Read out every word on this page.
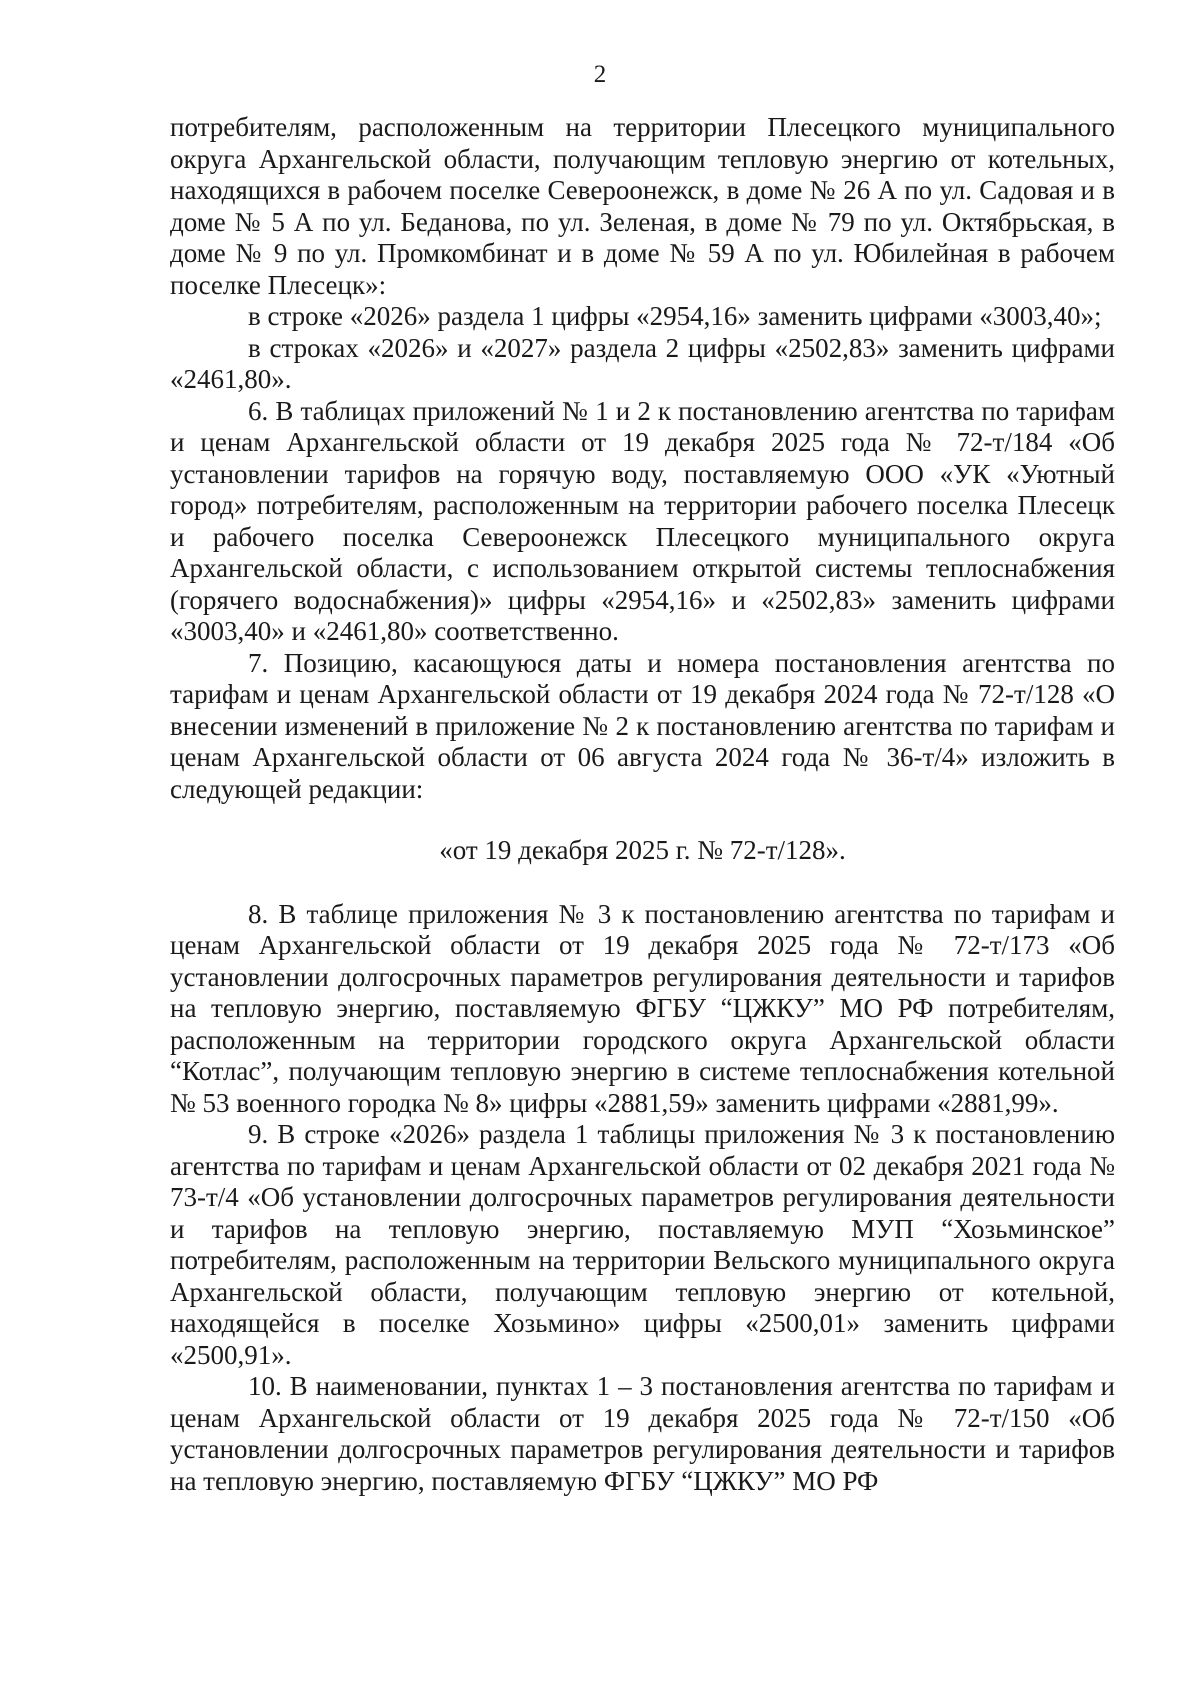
2

потребителям, расположенным на территории Плесецкого муниципального округа Архангельской области, получающим тепловую энергию от котельных, находящихся в рабочем поселке Североонежск, в доме № 26 А по ул. Садовая и в доме № 5 А по ул. Беданова, по ул. Зеленая, в доме № 79 по ул. Октябрьская, в доме № 9 по ул. Промкомбинат и в доме № 59 А по ул. Юбилейная в рабочем поселке Плесецк»:

в строке «2026» раздела 1 цифры «2954,16» заменить цифрами «3003,40»;

в строках «2026» и «2027» раздела 2 цифры «2502,83» заменить цифрами «2461,80».

6. В таблицах приложений № 1 и 2 к постановлению агентства по тарифам и ценам Архангельской области от 19 декабря 2025 года № 72-т/184 «Об установлении тарифов на горячую воду, поставляемую ООО «УК «Уютный город» потребителям, расположенным на территории рабочего поселка Плесецк и рабочего поселка Североонежск Плесецкого муниципального округа Архангельской области, с использованием открытой системы теплоснабжения (горячего водоснабжения)» цифры «2954,16» и «2502,83» заменить цифрами «3003,40» и «2461,80» соответственно.

7. Позицию, касающуюся даты и номера постановления агентства по тарифам и ценам Архангельской области от 19 декабря 2024 года № 72-т/128 «О внесении изменений в приложение № 2 к постановлению агентства по тарифам и ценам Архангельской области от 06 августа 2024 года № 36-т/4» изложить в следующей редакции:

«от 19 декабря 2025 г. № 72-т/128».

8. В таблице приложения № 3 к постановлению агентства по тарифам и ценам Архангельской области от 19 декабря 2025 года № 72-т/173 «Об установлении долгосрочных параметров регулирования деятельности и тарифов на тепловую энергию, поставляемую ФГБУ “ЦЖКУ” МО РФ потребителям, расположенным на территории городского округа Архангельской области “Котлас”, получающим тепловую энергию в системе теплоснабжения котельной № 53 военного городка № 8» цифры «2881,59» заменить цифрами «2881,99».

9. В строке «2026» раздела 1 таблицы приложения № 3 к постановлению агентства по тарифам и ценам Архангельской области от 02 декабря 2021 года № 73-т/4 «Об установлении долгосрочных параметров регулирования деятельности и тарифов на тепловую энергию, поставляемую МУП “Хозьминское” потребителям, расположенным на территории Вельского муниципального округа Архангельской области, получающим тепловую энергию от котельной, находящейся в поселке Хозьмино» цифры «2500,01» заменить цифрами «2500,91».

10. В наименовании, пунктах 1 – 3 постановления агентства по тарифам и ценам Архангельской области от 19 декабря 2025 года № 72-т/150 «Об установлении долгосрочных параметров регулирования деятельности и тарифов на тепловую энергию, поставляемую ФГБУ “ЦЖКУ” МО РФ
